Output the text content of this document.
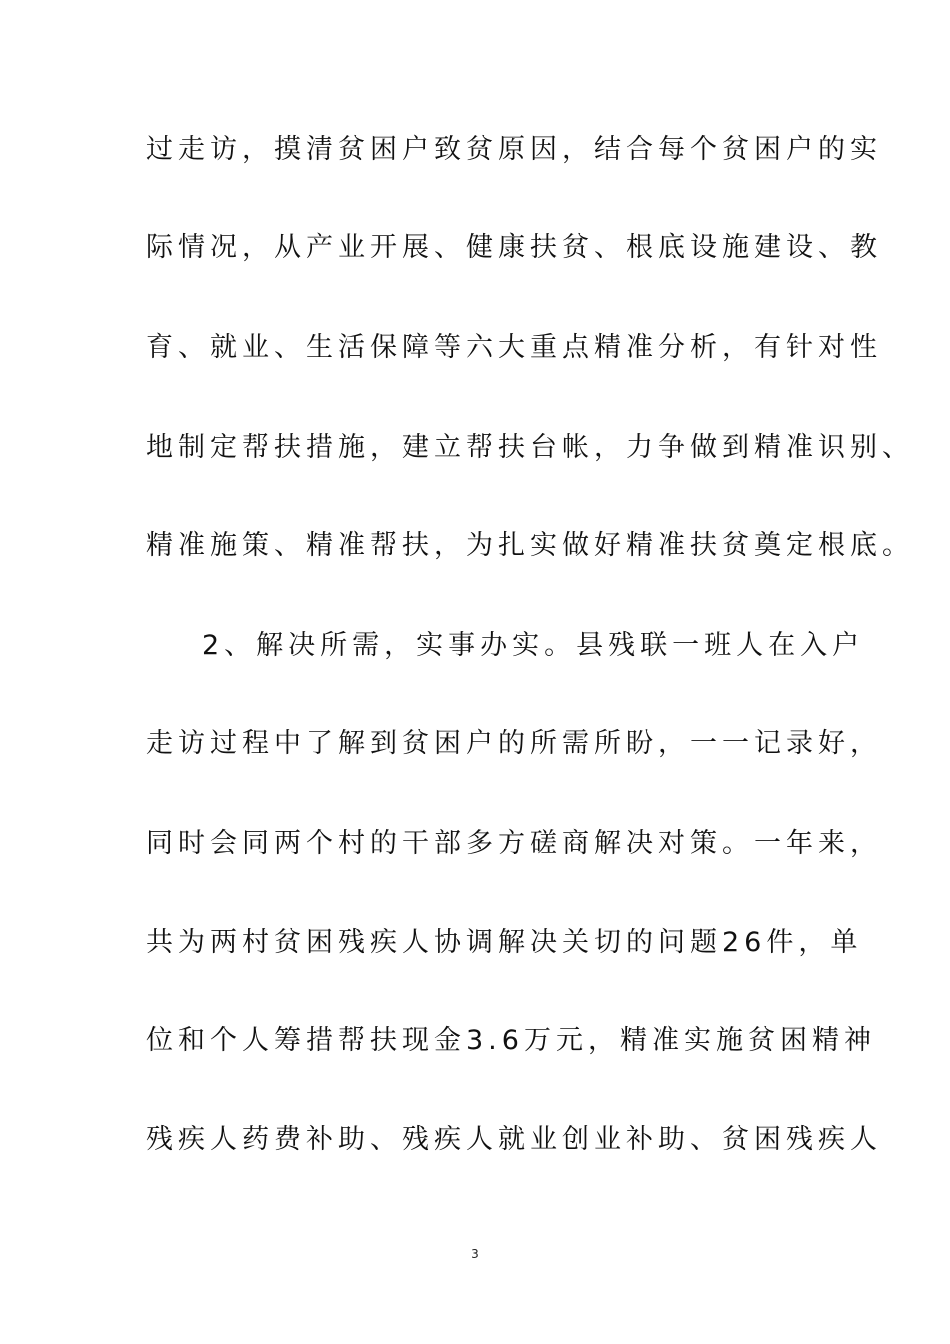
过走访，摸清贫困户致贫原因，结合每个贫困户的实
际情况，从产业开展、健康扶贫、根底设施建设、教
育、就业、生活保障等六大重点精准分析，有针对性
地制定帮扶措施，建立帮扶台帐，力争做到精准识别、
精准施策、精准帮扶，为扎实做好精准扶贫奠定根底。
2、解决所需，实事办实。县残联一班人在入户
走访过程中了解到贫困户的所需所盼，一一记录好，
同时会同两个村的干部多方磋商解决对策。一年来，
共为两村贫困残疾人协调解决关切的问题26件，单
位和个人筹措帮扶现金3.6万元，精准实施贫困精神
残疾人药费补助、残疾人就业创业补助、贫困残疾人
3
